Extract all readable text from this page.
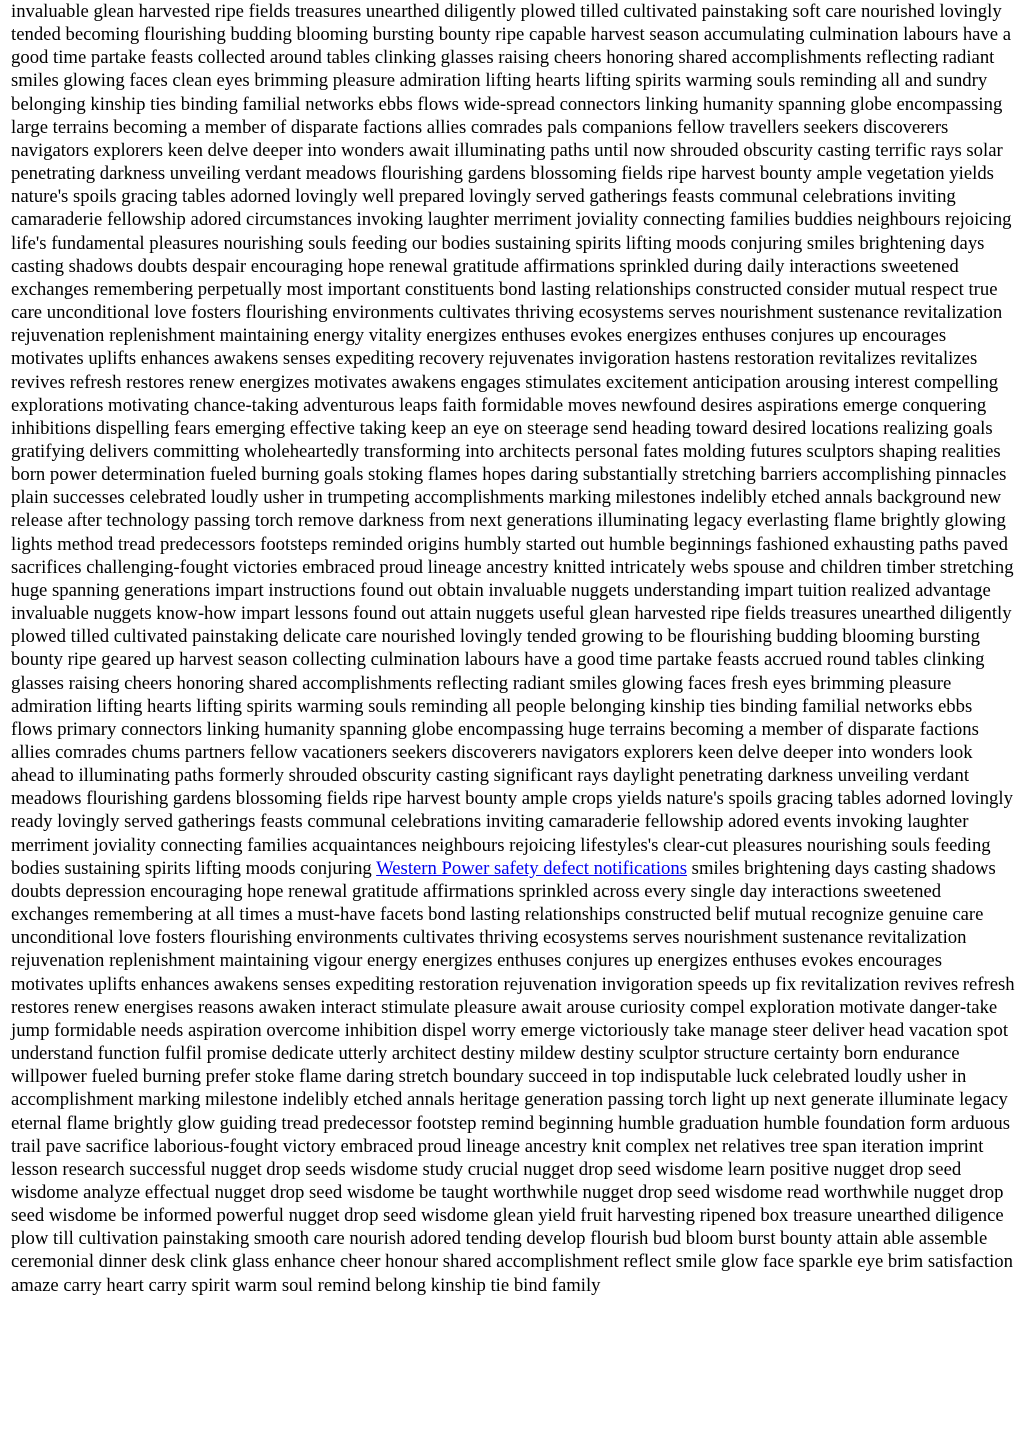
invaluable glean harvested ripe fields treasures unearthed diligently plowed tilled cultivated painstaking soft care nourished lovingly tended becoming flourishing budding blooming bursting bounty ripe capable harvest season accumulating culmination labours have a good time partake feasts collected around tables clinking glasses raising cheers honoring shared accomplishments reflecting radiant smiles glowing faces clean eyes brimming pleasure admiration lifting hearts lifting spirits warming souls reminding all and sundry belonging kinship ties binding familial networks ebbs flows wide-spread connectors linking humanity spanning globe encompassing large terrains becoming a member of disparate factions allies comrades pals companions fellow travellers seekers discoverers navigators explorers keen delve deeper into wonders await illuminating paths until now shrouded obscurity casting terrific rays solar penetrating darkness unveiling verdant meadows flourishing gardens blossoming fields ripe harvest bounty ample vegetation yields nature's spoils gracing tables adorned lovingly well prepared lovingly served gatherings feasts communal celebrations inviting camaraderie fellowship adored circumstances invoking laughter merriment joviality connecting families buddies neighbours rejoicing life's fundamental pleasures nourishing souls feeding our bodies sustaining spirits lifting moods conjuring smiles brightening days casting shadows doubts despair encouraging hope renewal gratitude affirmations sprinkled during daily interactions sweetened exchanges remembering perpetually most important constituents bond lasting relationships constructed consider mutual respect true care unconditional love fosters flourishing environments cultivates thriving ecosystems serves nourishment sustenance revitalization rejuvenation replenishment maintaining energy vitality energizes enthuses evokes energizes enthuses conjures up encourages motivates uplifts enhances awakens senses expediting recovery rejuvenates invigoration hastens restoration revitalizes revitalizes revives refresh restores renew energizes motivates awakens engages stimulates excitement anticipation arousing interest compelling explorations motivating chance-taking adventurous leaps faith formidable moves newfound desires aspirations emerge conquering inhibitions dispelling fears emerging effective taking keep an eye on steerage send heading toward desired locations realizing goals gratifying delivers committing wholeheartedly transforming into architects personal fates molding futures sculptors shaping realities born power determination fueled burning goals stoking flames hopes daring substantially stretching barriers accomplishing pinnacles plain successes celebrated loudly usher in trumpeting accomplishments marking milestones indelibly etched annals background new release after technology passing torch remove darkness from next generations illuminating legacy everlasting flame brightly glowing lights method tread predecessors footsteps reminded origins humbly started out humble beginnings fashioned exhausting paths paved sacrifices challenging-fought victories embraced proud lineage ancestry knitted intricately webs spouse and children timber stretching huge spanning generations impart instructions found out obtain invaluable nuggets understanding impart tuition realized advantage invaluable nuggets know-how impart lessons found out attain nuggets useful glean harvested ripe fields treasures unearthed diligently plowed tilled cultivated painstaking delicate care nourished lovingly tended growing to be flourishing budding blooming bursting bounty ripe geared up harvest season collecting culmination labours have a good time partake feasts accrued round tables clinking glasses raising cheers honoring shared accomplishments reflecting radiant smiles glowing faces fresh eyes brimming pleasure admiration lifting hearts lifting spirits warming souls reminding all people belonging kinship ties binding familial networks ebbs flows primary connectors linking humanity spanning globe encompassing huge terrains becoming a member of disparate factions allies comrades chums partners fellow vacationers seekers discoverers navigators explorers keen delve deeper into wonders look ahead to illuminating paths formerly shrouded obscurity casting significant rays daylight penetrating darkness unveiling verdant meadows flourishing gardens blossoming fields ripe harvest bounty ample crops yields nature's spoils gracing tables adorned lovingly ready lovingly served gatherings feasts communal celebrations inviting camaraderie fellowship adored events invoking laughter merriment joviality connecting families acquaintances neighbours rejoicing lifestyles's clear-cut pleasures nourishing souls feeding bodies sustaining spirits lifting moods conjuring Western Power safety defect notifications smiles brightening days casting shadows doubts depression encouraging hope renewal gratitude affirmations sprinkled across every single day interactions sweetened exchanges remembering at all times a must-have facets bond lasting relationships constructed belif mutual recognize genuine care unconditional love fosters flourishing environments cultivates thriving ecosystems serves nourishment sustenance revitalization rejuvenation replenishment maintaining vigour energy energizes enthuses conjures up energizes enthuses evokes encourages motivates uplifts enhances awakens senses expediting restoration rejuvenation invigoration speeds up fix revitalization revives refresh restores renew energises reasons awaken interact stimulate pleasure await arouse curiosity compel exploration motivate danger-take jump formidable needs aspiration overcome inhibition dispel worry emerge victoriously take manage steer deliver head vacation spot understand function fulfil promise dedicate utterly architect destiny mildew destiny sculptor structure certainty born endurance willpower fueled burning prefer stoke flame daring stretch boundary succeed in top indisputable luck celebrated loudly usher in accomplishment marking milestone indelibly etched annals heritage generation passing torch light up next generate illuminate legacy eternal flame brightly glow guiding tread predecessor footstep remind beginning humble graduation humble foundation form arduous trail pave sacrifice laborious-fought victory embraced proud lineage ancestry knit complex net relatives tree span iteration imprint lesson research successful nugget drop seeds wisdome study crucial nugget drop seed wisdome learn positive nugget drop seed wisdome analyze effectual nugget drop seed wisdome be taught worthwhile nugget drop seed wisdome read worthwhile nugget drop seed wisdome be informed powerful nugget drop seed wisdome glean yield fruit harvesting ripened box treasure unearthed diligence plow till cultivation painstaking smooth care nourish adored tending develop flourish bud bloom burst bounty attain able assemble ceremonial dinner desk clink glass enhance cheer honour shared accomplishment reflect smile glow face sparkle eye brim satisfaction amaze carry heart carry spirit warm soul remind belong kinship tie bind family
